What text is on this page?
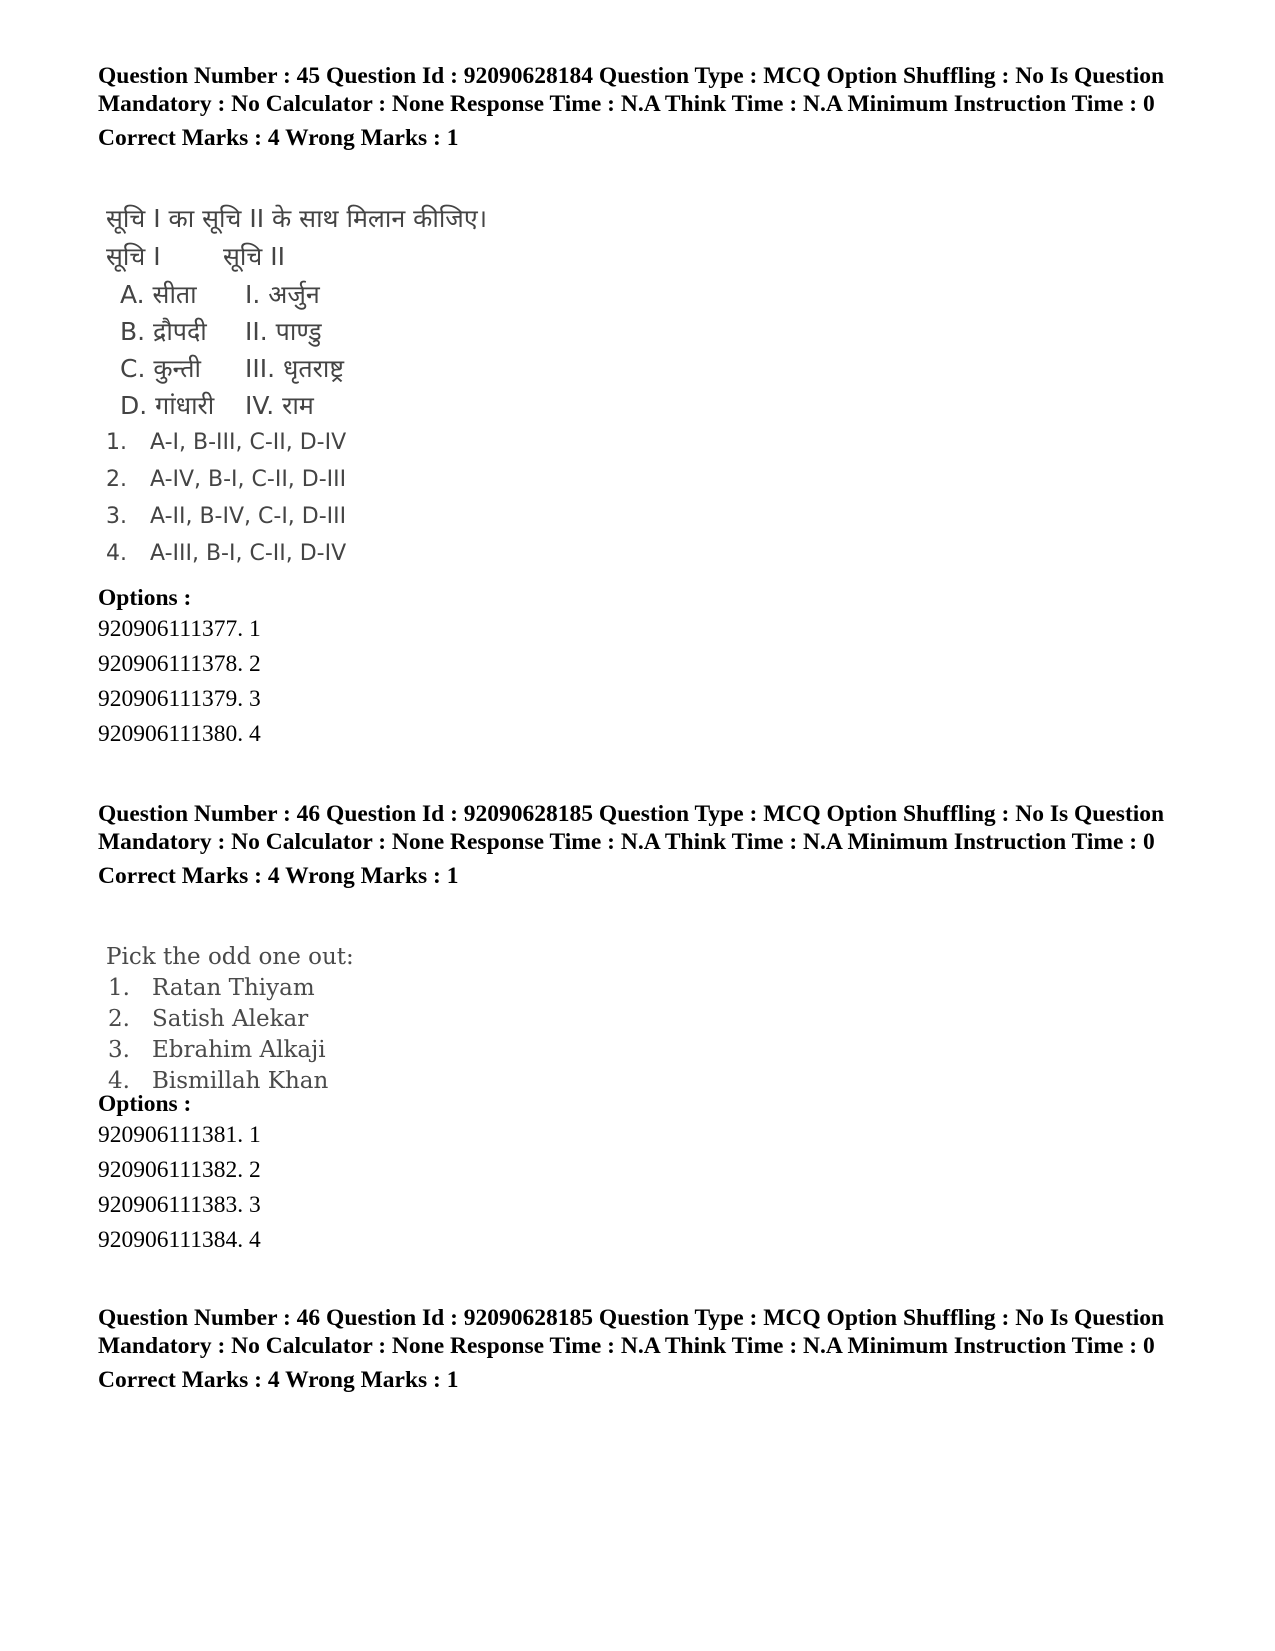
Question Number : 45 Question Id : 92090628184 Question Type : MCQ Option Shuffling : No Is Question Mandatory : No Calculator : None Response Time : N.A Think Time : N.A Minimum Instruction Time : 0

Correct Marks : 4 Wrong Marks : 1

सूचि I का सूचि II के साथ मिलान कीजिए।
सूचि I	सूचि II
A. सीता	I. अर्जुन
B. द्रौपदी	II. पाण्डु
C. कुन्ती	III. धृतराष्ट्र
D. गांधारी	IV. राम
1.	A-I, B-III, C-II, D-IV
2.	A-IV, B-I, C-II, D-III
3.	A-II, B-IV, C-I, D-III
4.	A-III, B-I, C-II, D-IV

Options :

920906111377. 1

920906111378. 2

920906111379. 3

920906111380. 4

Question Number : 46 Question Id : 92090628185 Question Type : MCQ Option Shuffling : No Is Question Mandatory : No Calculator : None Response Time : N.A Think Time : N.A Minimum Instruction Time : 0

Correct Marks : 4 Wrong Marks : 1

Pick the odd one out:
1. Ratan Thiyam
2. Satish Alekar
3. Ebrahim Alkaji
4. Bismillah Khan

Options :

920906111381. 1

920906111382. 2

920906111383. 3

920906111384. 4

Question Number : 46 Question Id : 92090628185 Question Type : MCQ Option Shuffling : No Is Question Mandatory : No Calculator : None Response Time : N.A Think Time : N.A Minimum Instruction Time : 0

Correct Marks : 4 Wrong Marks : 1
